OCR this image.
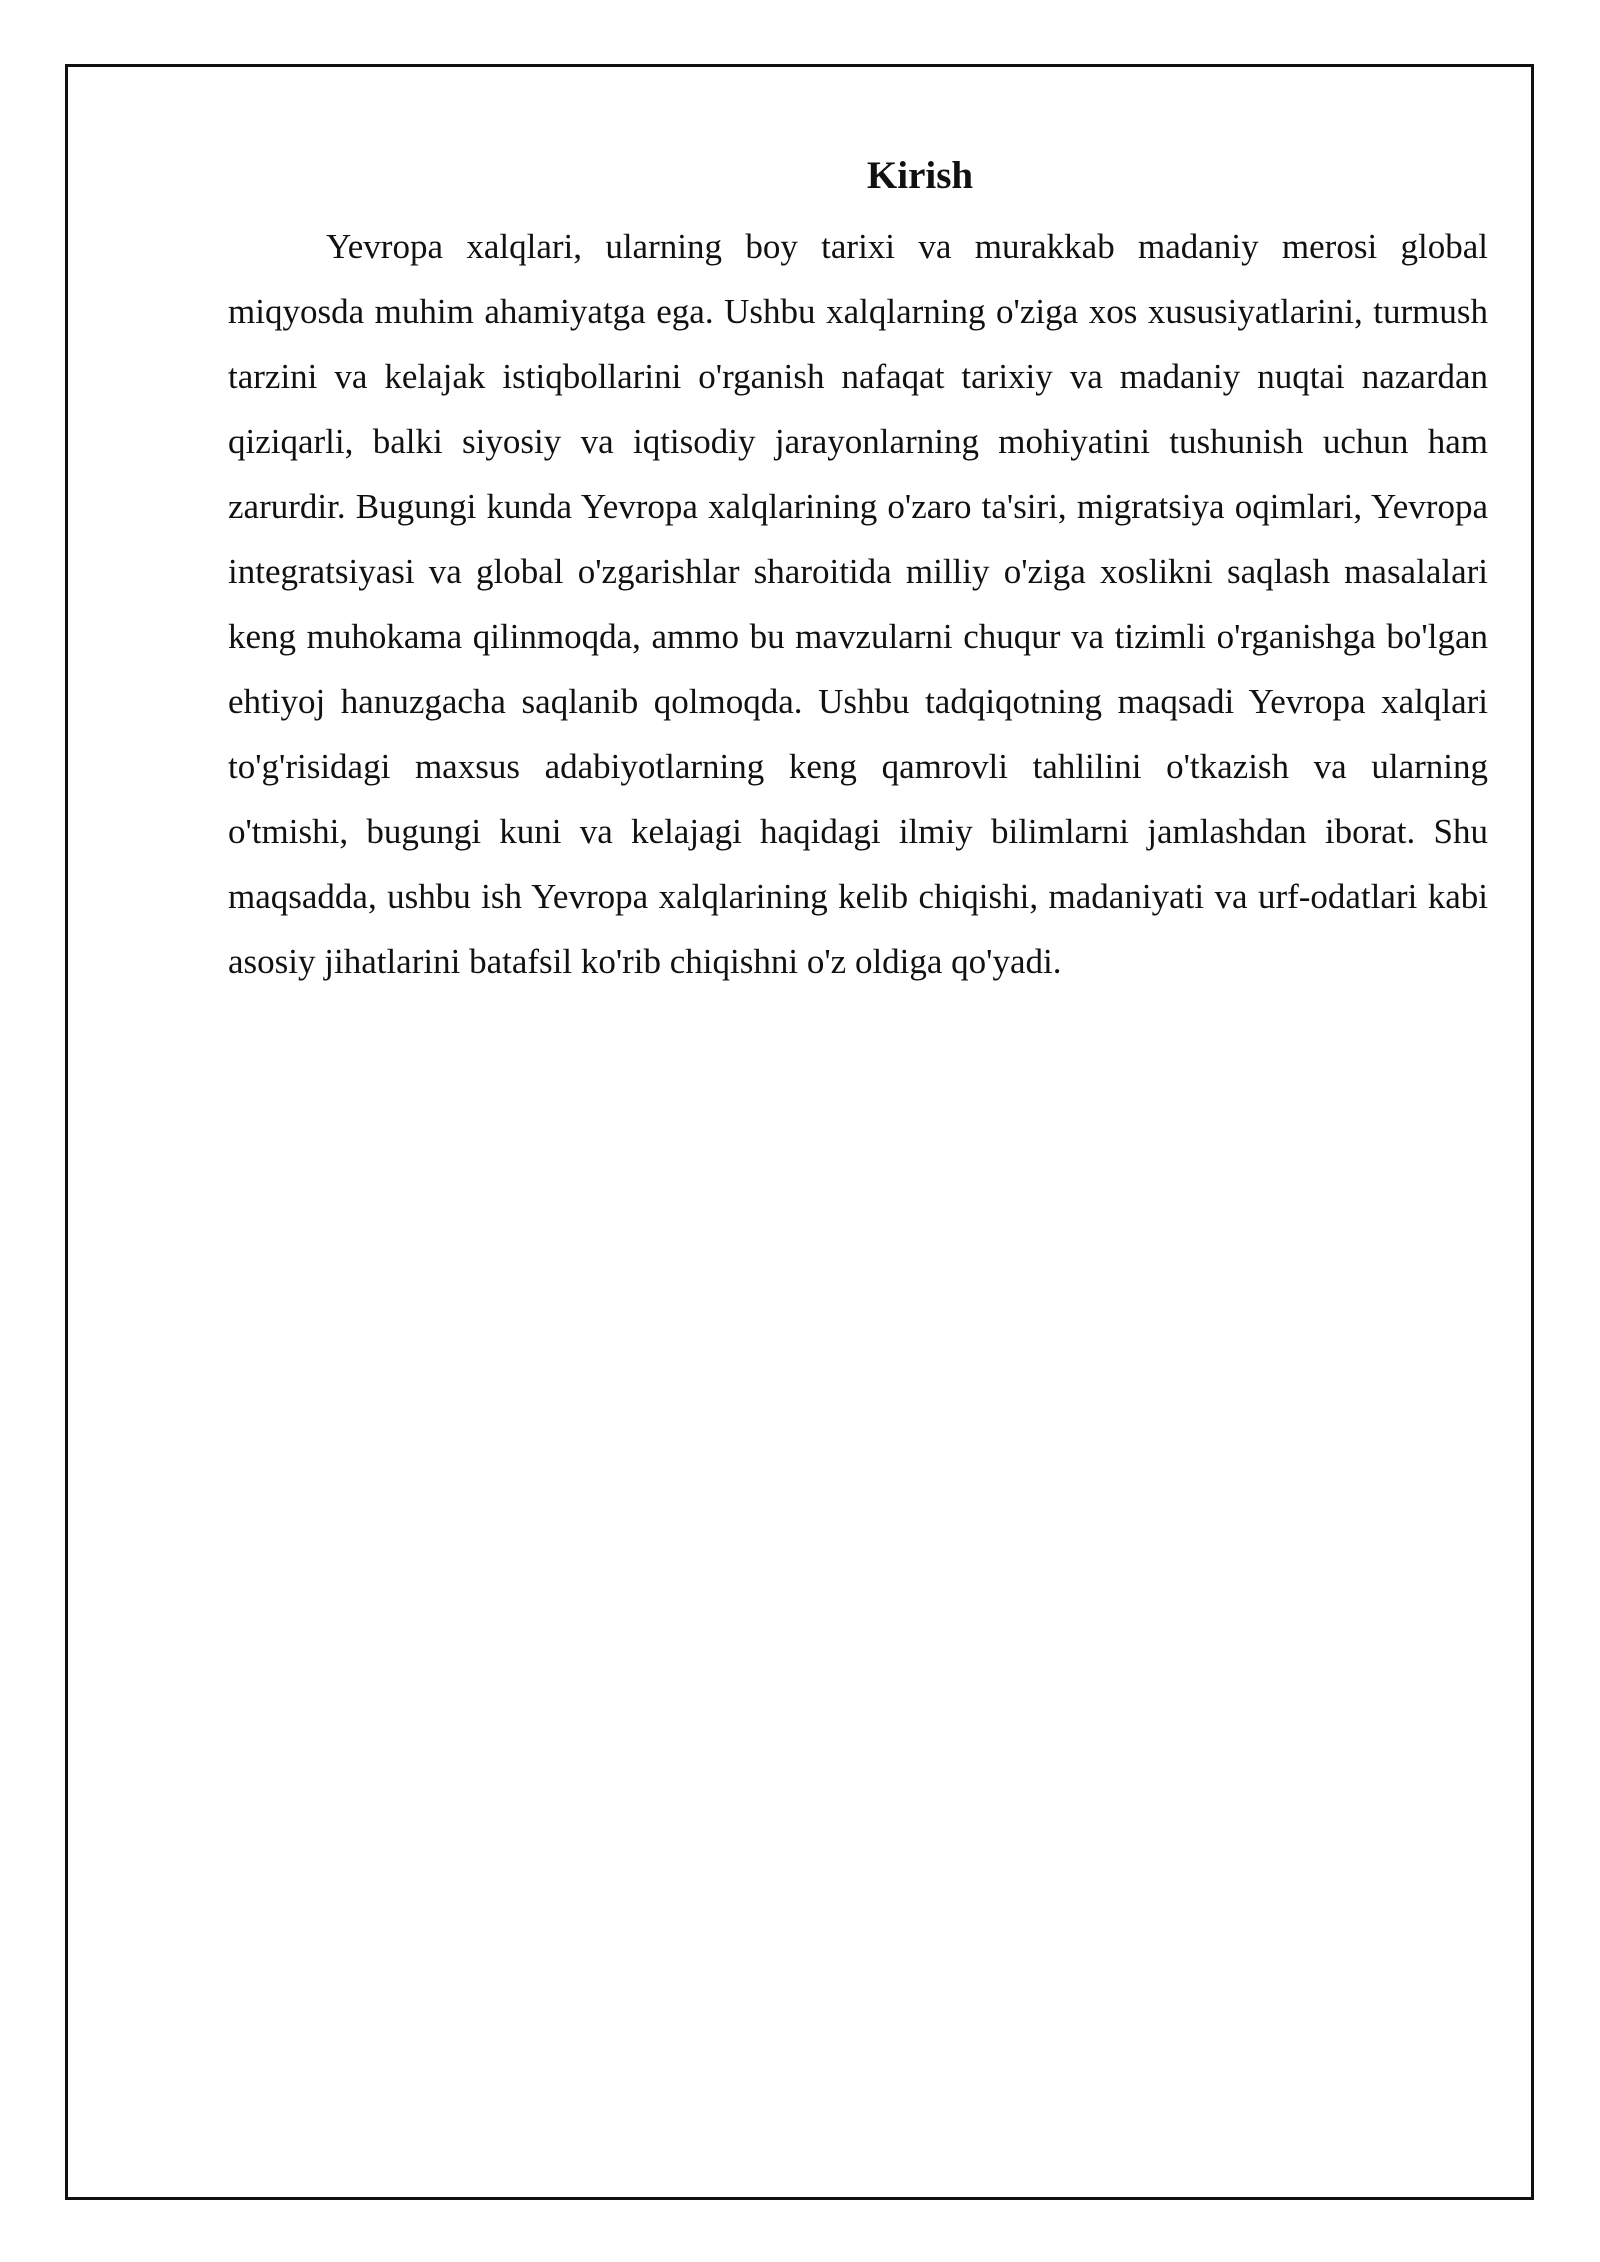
Kirish

Yevropa xalqlari, ularning boy tarixi va murakkab madaniy merosi global miqyosda muhim ahamiyatga ega. Ushbu xalqlarning o'ziga xos xususiyatlarini, turmush tarzini va kelajak istiqbollarini o'rganish nafaqat tarixiy va madaniy nuqtai nazardan qiziqarli, balki siyosiy va iqtisodiy jarayonlarning mohiyatini tushunish uchun ham zarurdir. Bugungi kunda Yevropa xalqlarining o'zaro ta'siri, migratsiya oqimlari, Yevropa integratsiyasi va global o'zgarishlar sharoitida milliy o'ziga xoslikni saqlash masalalari keng muhokama qilinmoqda, ammo bu mavzularni chuqur va tizimli o'rganishga bo'lgan ehtiyoj hanuzgacha saqlanib qolmoqda. Ushbu tadqiqotning maqsadi Yevropa xalqlari to'g'risidagi maxsus adabiyotlarning keng qamrovli tahlilini o'tkazish va ularning o'tmishi, bugungi kuni va kelajagi haqidagi ilmiy bilimlarni jamlashdan iborat. Shu maqsadda, ushbu ish Yevropa xalqlarining kelib chiqishi, madaniyati va urf-odatlari kabi asosiy jihatlarini batafsil ko'rib chiqishni o'z oldiga qo'yadi.
